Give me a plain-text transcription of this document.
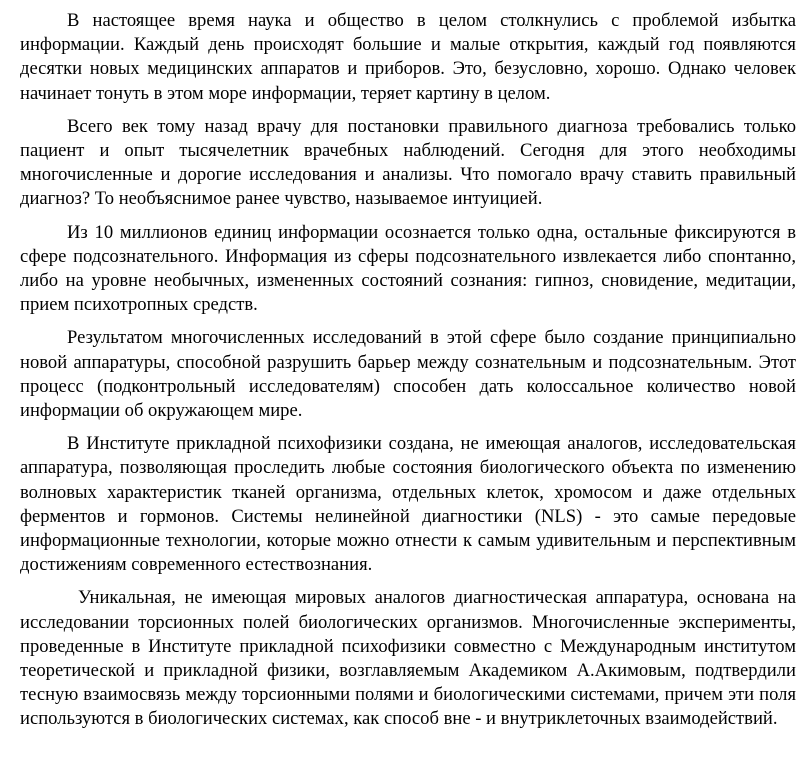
В настоящее время наука и общество в целом столкнулись с проблемой избытка информации. Каждый день происходят большие и малые открытия, каждый год появляются десятки новых медицинских аппаратов и приборов. Это, безусловно, хорошо. Однако человек начинает тонуть в этом море информации, теряет картину в целом.

Всего век тому назад врачу для постановки правильного диагноза требовались только пациент и опыт тысячелетник врачебных наблюдений. Сегодня для этого необходимы многочисленные и дорогие исследования и анализы. Что помогало врачу ставить правильный диагноз? То необъяснимое ранее чувство, называемое интуицией.

Из 10 миллионов единиц информации осознается только одна, остальные фиксируются в сфере подсознательного. Информация из сферы подсознательного извлекается либо спонтанно, либо на уровне необычных, измененных состояний сознания: гипноз, сновидение, медитации, прием психотропных средств.

Результатом многочисленных исследований в этой сфере было создание принципиально новой аппаратуры, способной разрушить барьер между сознательным и подсознательным. Этот процесс (подконтрольный исследователям) способен дать колоссальное количество новой информации об окружающем мире.

В Институте прикладной психофизики создана, не имеющая аналогов, исследовательская аппаратура, позволяющая проследить любые состояния биологического объекта по изменению волновых характеристик тканей организма, отдельных клеток, хромосом и даже отдельных ферментов и гормонов. Системы нелинейной диагностики (NLS) - это самые передовые информационные технологии, которые можно отнести к самым удивительным и перспективным достижениям современного естествознания.

Уникальная, не имеющая мировых аналогов диагностическая аппаратура, основана на исследовании торсионных полей биологических организмов. Многочисленные эксперименты, проведенные в Институте прикладной психофизики совместно с Международным институтом теоретической и прикладной физики, возглавляемым Академиком А.Акимовым, подтвердили тесную взаимосвязь между торсионными полями и биологическими системами, причем эти поля используются в биологических системах, как способ вне - и внутриклеточных взаимодействий.
